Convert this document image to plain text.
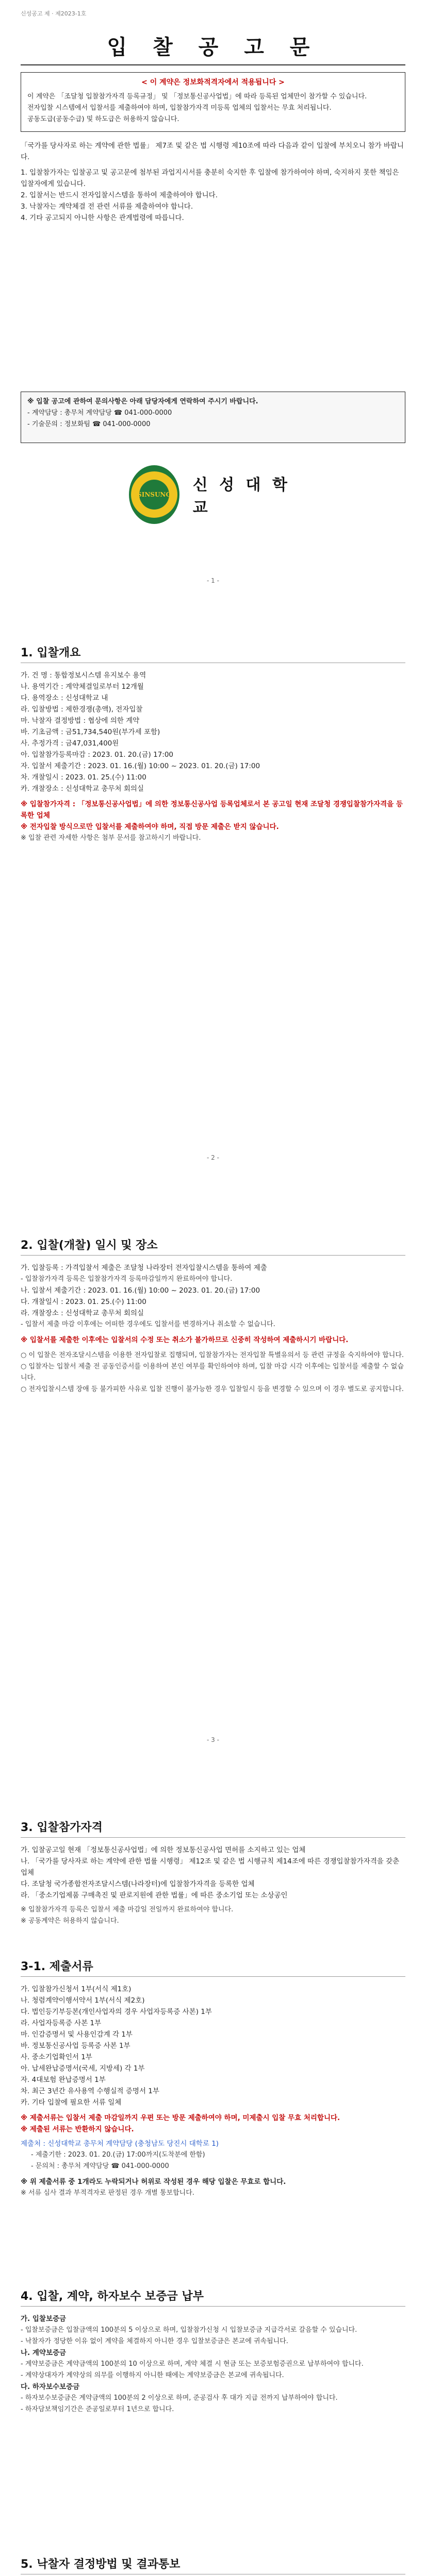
신성공고 제 · 제2023-1호
입 찰 공 고 문
< 이 계약은 정보화적격자에서 적용됩니다 >

이 계약은 「조달청 입찰참가자격 등록규정」 및 「정보통신공사업법」에 따라 등록된 업체만이 참가할 수 있습니다.

전자입찰 시스템에서 입찰서를 제출하여야 하며, 입찰참가자격 미등록 업체의 입찰서는 무효 처리됩니다.

공동도급(공동수급) 및 하도급은 허용하지 않습니다.

「국가를 당사자로 하는 계약에 관한 법률」 제7조 및 같은 법 시행령 제10조에 따라 다음과 같이 입찰에 부치오니 참가 바랍니다.

1. 입찰참가자는 입찰공고 및 공고문에 첨부된 과업지시서를 충분히 숙지한 후 입찰에 참가하여야 하며, 숙지하지 못한 책임은 입찰자에게 있습니다.

2. 입찰서는 반드시 전자입찰시스템을 통하여 제출하여야 합니다.

3. 낙찰자는 계약체결 전 관련 서류를 제출하여야 합니다.

4. 기타 공고되지 아니한 사항은 관계법령에 따릅니다.

※ 입찰 공고에 관하여 문의사항은 아래 담당자에게 연락하여 주시기 바랍니다.

- 계약담당 : 총무처 계약담당 ☎ 041-000-0000

- 기술문의 : 정보화팀 ☎ 041-000-0000

SINSUNG
신 성 대 학 교
- 1 -
1. 입찰개요

가. 건 명 : 통합정보시스템 유지보수 용역

나. 용역기간 : 계약체결일로부터 12개월

다. 용역장소 : 신성대학교 내

라. 입찰방법 : 제한경쟁(총액), 전자입찰

마. 낙찰자 결정방법 : 협상에 의한 계약

바. 기초금액 : 금51,734,540원(부가세 포함)

사. 추정가격 : 금47,031,400원

아. 입찰참가등록마감 : 2023. 01. 20.(금) 17:00

자. 입찰서 제출기간 : 2023. 01. 16.(월) 10:00 ~ 2023. 01. 20.(금) 17:00

차. 개찰일시 : 2023. 01. 25.(수) 11:00

카. 개찰장소 : 신성대학교 총무처 회의실

※ 입찰참가자격 : 「정보통신공사업법」에 의한 정보통신공사업 등록업체로서 본 공고일 현재 조달청 경쟁입찰참가자격을 등록한 업체

※ 전자입찰 방식으로만 입찰서를 제출하여야 하며, 직접 방문 제출은 받지 않습니다.

※ 입찰 관련 자세한 사항은 첨부 문서를 참고하시기 바랍니다.

- 2 -
2. 입찰(개찰) 일시 및 장소

가. 입찰등록 : 가격입찰서 제출은 조달청 나라장터 전자입찰시스템을 통하여 제출

- 입찰참가자격 등록은 입찰참가자격 등록마감일까지 완료하여야 합니다.

나. 입찰서 제출기간 : 2023. 01. 16.(월) 10:00 ~ 2023. 01. 20.(금) 17:00

다. 개찰일시 : 2023. 01. 25.(수) 11:00

라. 개찰장소 : 신성대학교 총무처 회의실

- 입찰서 제출 마감 이후에는 어떠한 경우에도 입찰서를 변경하거나 취소할 수 없습니다.

※ 입찰서를 제출한 이후에는 입찰서의 수정 또는 취소가 불가하므로 신중히 작성하여 제출하시기 바랍니다.

○ 이 입찰은 전자조달시스템을 이용한 전자입찰로 집행되며, 입찰참가자는 전자입찰 특별유의서 등 관련 규정을 숙지하여야 합니다.

○ 입찰자는 입찰서 제출 전 공동인증서를 이용하여 본인 여부를 확인하여야 하며, 입찰 마감 시각 이후에는 입찰서를 제출할 수 없습니다.

○ 전자입찰시스템 장애 등 불가피한 사유로 입찰 진행이 불가능한 경우 입찰일시 등을 변경할 수 있으며 이 경우 별도로 공지합니다.

- 3 -
3. 입찰참가자격

가. 입찰공고일 현재 「정보통신공사업법」에 의한 정보통신공사업 면허를 소지하고 있는 업체

나. 「국가를 당사자로 하는 계약에 관한 법률 시행령」 제12조 및 같은 법 시행규칙 제14조에 따른 경쟁입찰참가자격을 갖춘 업체

다. 조달청 국가종합전자조달시스템(나라장터)에 입찰참가자격을 등록한 업체

라. 「중소기업제품 구매촉진 및 판로지원에 관한 법률」에 따른 중소기업 또는 소상공인

※ 입찰참가자격 등록은 입찰서 제출 마감일 전일까지 완료하여야 합니다.

※ 공동계약은 허용하지 않습니다.

3-1. 제출서류

가. 입찰참가신청서 1부(서식 제1호)

나. 청렴계약이행서약서 1부(서식 제2호)

다. 법인등기부등본(개인사업자의 경우 사업자등록증 사본) 1부

라. 사업자등록증 사본 1부

마. 인감증명서 및 사용인감계 각 1부

바. 정보통신공사업 등록증 사본 1부

사. 중소기업확인서 1부

아. 납세완납증명서(국세, 지방세) 각 1부

자. 4대보험 완납증명서 1부

차. 최근 3년간 유사용역 수행실적 증명서 1부

카. 기타 입찰에 필요한 서류 일체

※ 제출서류는 입찰서 제출 마감일까지 우편 또는 방문 제출하여야 하며, 미제출시 입찰 무효 처리합니다.

※ 제출된 서류는 반환하지 않습니다.

제출처 : 신성대학교 총무처 계약담당 (충청남도 당진시 대학로 1)

- 제출기한 : 2023. 01. 20.(금) 17:00까지(도착분에 한함)

- 문의처 : 총무처 계약담당 ☎ 041-000-0000

※ 위 제출서류 중 1개라도 누락되거나 허위로 작성된 경우 해당 입찰은 무효로 합니다.

※ 서류 심사 결과 부적격자로 판정된 경우 개별 통보합니다.

4. 입찰, 계약, 하자보수 보증금 납부

가. 입찰보증금

- 입찰보증금은 입찰금액의 100분의 5 이상으로 하며, 입찰참가신청 시 입찰보증금 지급각서로 갈음할 수 있습니다.

- 낙찰자가 정당한 이유 없이 계약을 체결하지 아니한 경우 입찰보증금은 본교에 귀속됩니다.

나. 계약보증금

- 계약보증금은 계약금액의 100분의 10 이상으로 하며, 계약 체결 시 현금 또는 보증보험증권으로 납부하여야 합니다.

- 계약상대자가 계약상의 의무를 이행하지 아니한 때에는 계약보증금은 본교에 귀속됩니다.

다. 하자보수보증금

- 하자보수보증금은 계약금액의 100분의 2 이상으로 하며, 준공검사 후 대가 지급 전까지 납부하여야 합니다.

- 하자담보책임기간은 준공일로부터 1년으로 합니다.

5. 낙찰자 결정방법 및 결과통보
